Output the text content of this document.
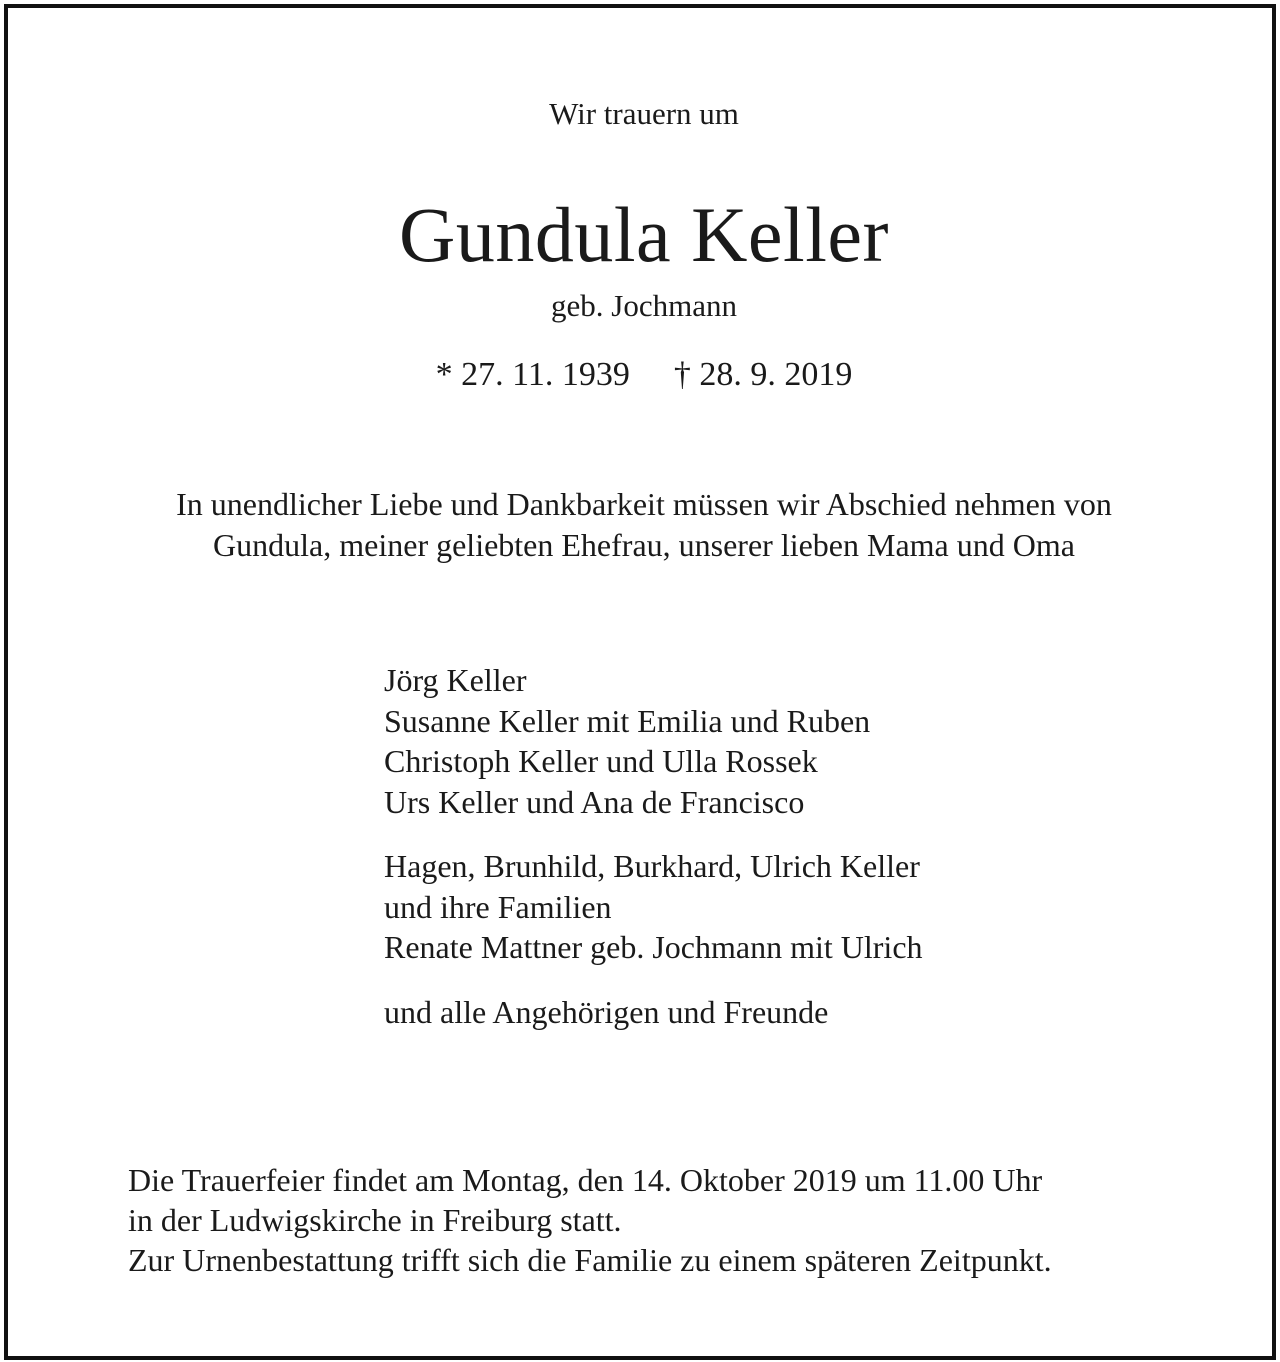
Wir trauern um
Gundula Keller
geb. Jochmann
* 27. 11. 1939 † 28. 9. 2019
In unendlicher Liebe und Dankbarkeit müssen wir Abschied nehmen von
Gundula, meiner geliebten Ehefrau, unserer lieben Mama und Oma
Jörg Keller
Susanne Keller mit Emilia und Ruben
Christoph Keller und Ulla Rossek
Urs Keller und Ana de Francisco
Hagen, Brunhild, Burkhard, Ulrich Keller
und ihre Familien
Renate Mattner geb. Jochmann mit Ulrich
und alle Angehörigen und Freunde
Die Trauerfeier findet am Montag, den 14. Oktober 2019 um 11.00 Uhr
in der Ludwigskirche in Freiburg statt.
Zur Urnenbestattung trifft sich die Familie zu einem späteren Zeitpunkt.
